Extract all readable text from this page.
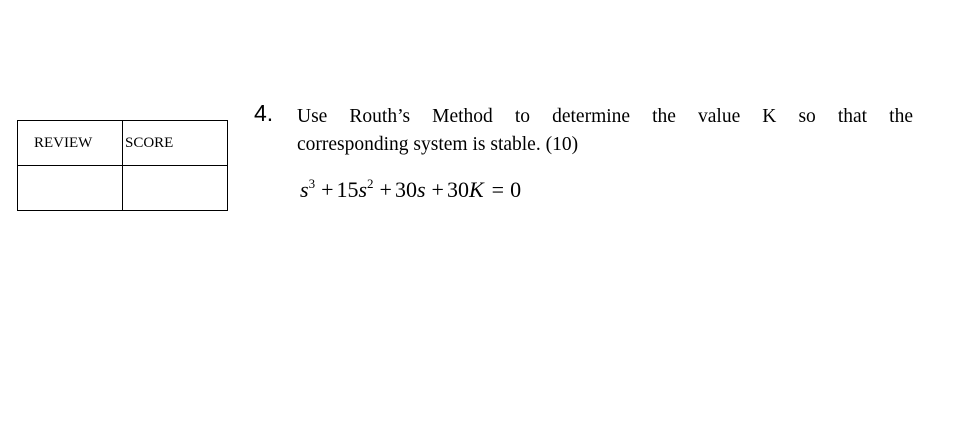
REVIEW	SCORE

4. Use Routh’s Method to determine the value K so that the
corresponding system is stable. (10)
$s^3 + 15s^2 + 30s + 30K = 0$
